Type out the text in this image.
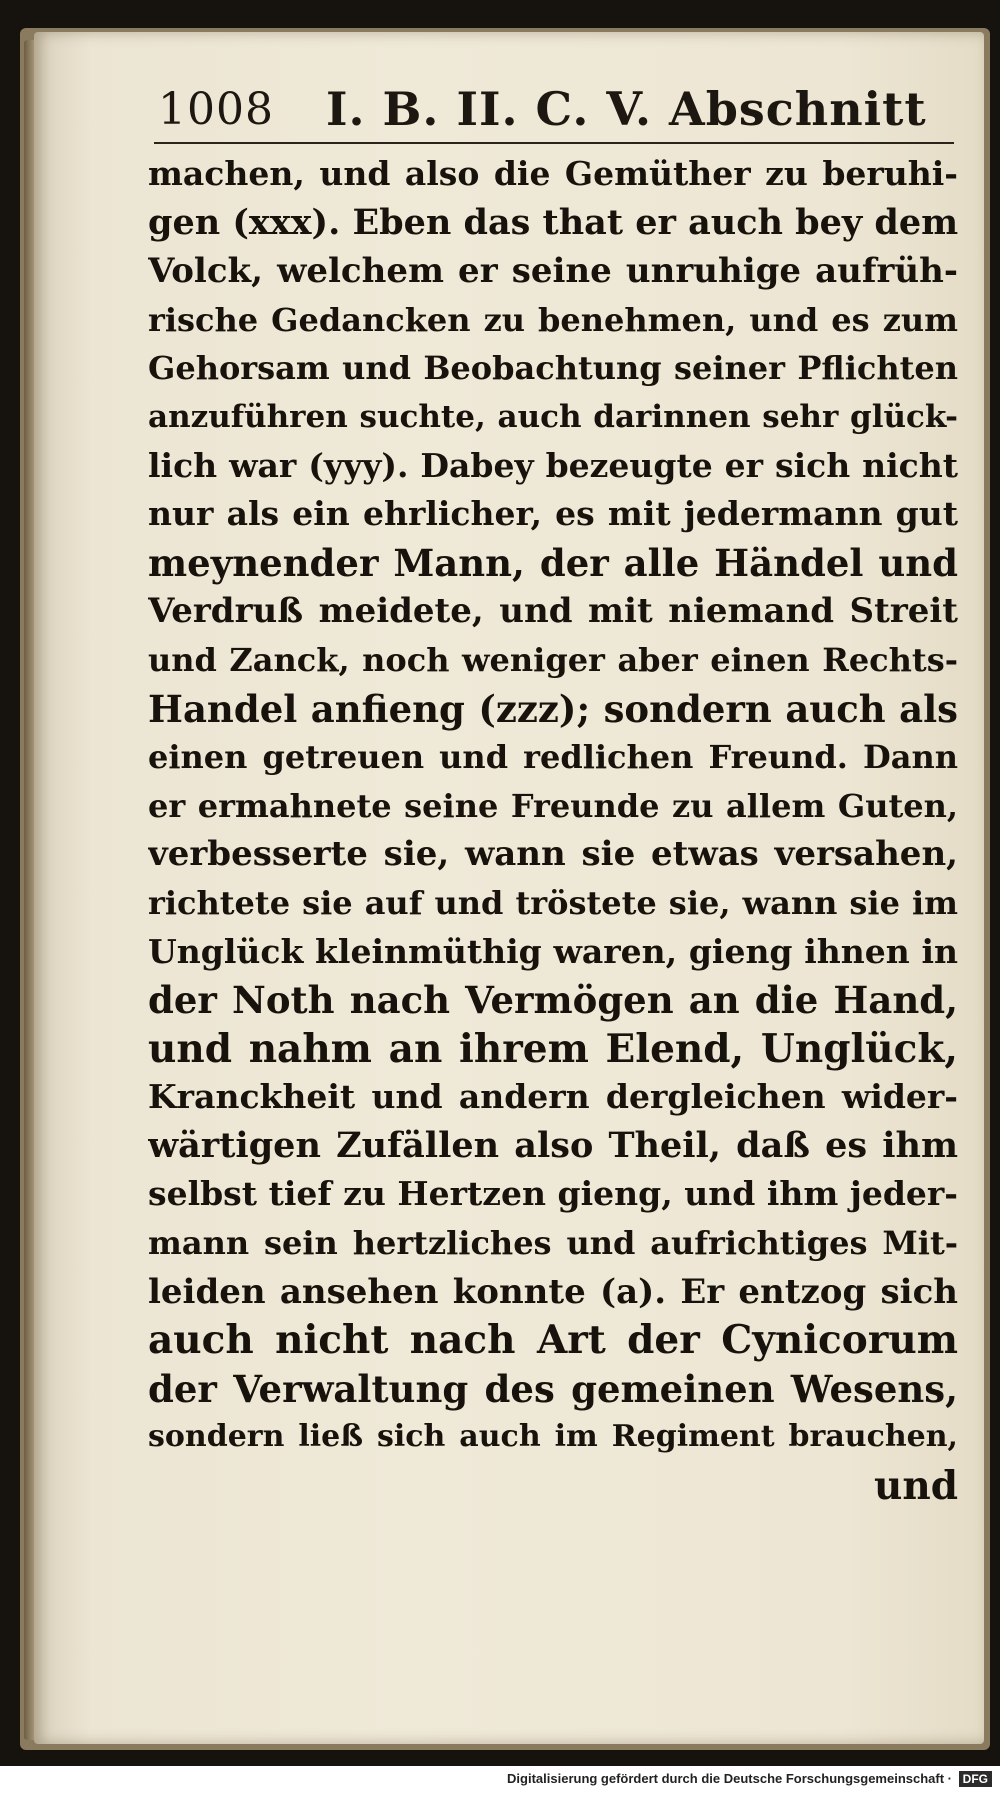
1008 I. B. II. C. V. Abschnitt
machen, und also die Gemüther zu beruhi-
gen (xxx). Eben das that er auch bey dem
Volck, welchem er seine unruhige aufrüh-
rische Gedancken zu benehmen, und es zum
Gehorsam und Beobachtung seiner Pflichten
anzuführen suchte, auch darinnen sehr glück-
lich war (yyy). Dabey bezeugte er sich nicht
nur als ein ehrlicher, es mit jedermann gut
meynender Mann, der alle Händel und
Verdruß meidete, und mit niemand Streit
und Zanck, noch weniger aber einen Rechts-
Handel anfieng (zzz); sondern auch als
einen getreuen und redlichen Freund. Dann
er ermahnete seine Freunde zu allem Guten,
verbesserte sie, wann sie etwas versahen,
richtete sie auf und tröstete sie, wann sie im
Unglück kleinmüthig waren, gieng ihnen in
der Noth nach Vermögen an die Hand,
und nahm an ihrem Elend, Unglück,
Kranckheit und andern dergleichen wider-
wärtigen Zufällen also Theil, daß es ihm
selbst tief zu Hertzen gieng, und ihm jeder-
mann sein hertzliches und aufrichtiges Mit-
leiden ansehen konnte (a). Er entzog sich
auch nicht nach Art der Cynicorum
der Verwaltung des gemeinen Wesens,
sondern ließ sich auch im Regiment brauchen,
und
Digitalisierung gefördert durch die Deutsche Forschungsgemeinschaft · DFG
